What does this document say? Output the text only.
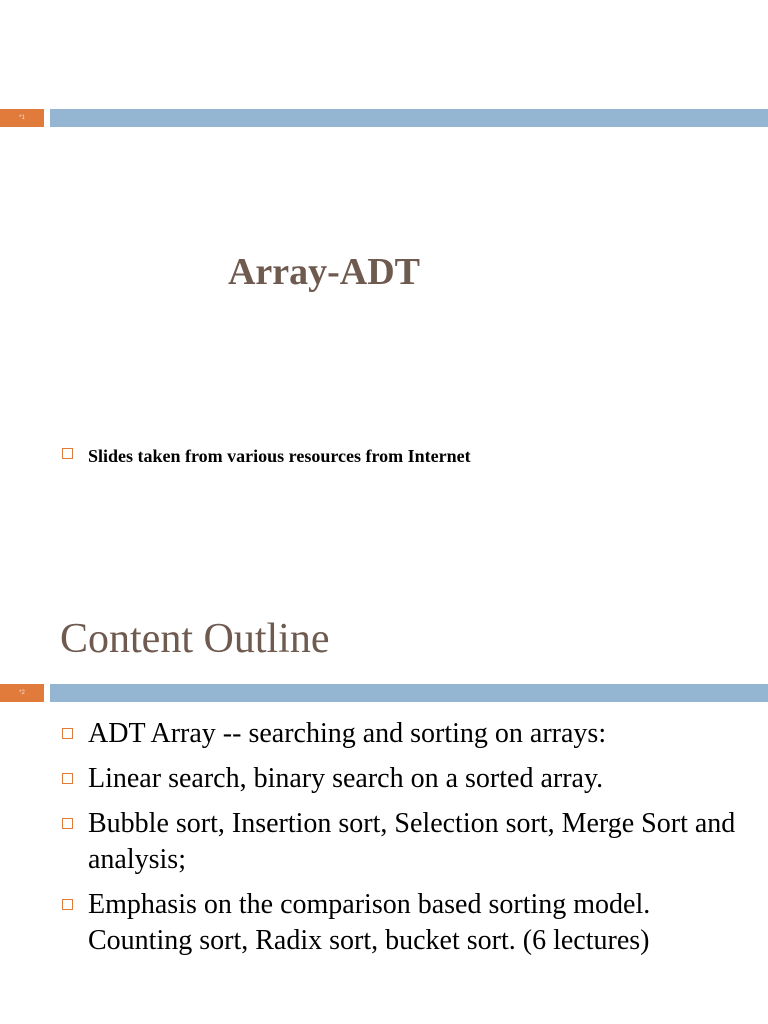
*1
Array-ADT
Slides taken from various resources from Internet
Content Outline
*2
ADT Array -- searching and sorting on arrays:
Linear search, binary search on a sorted array.
Bubble sort, Insertion sort, Selection sort, Merge Sort and analysis;
Emphasis on the comparison based sorting model. Counting sort, Radix sort, bucket sort. (6 lectures)
